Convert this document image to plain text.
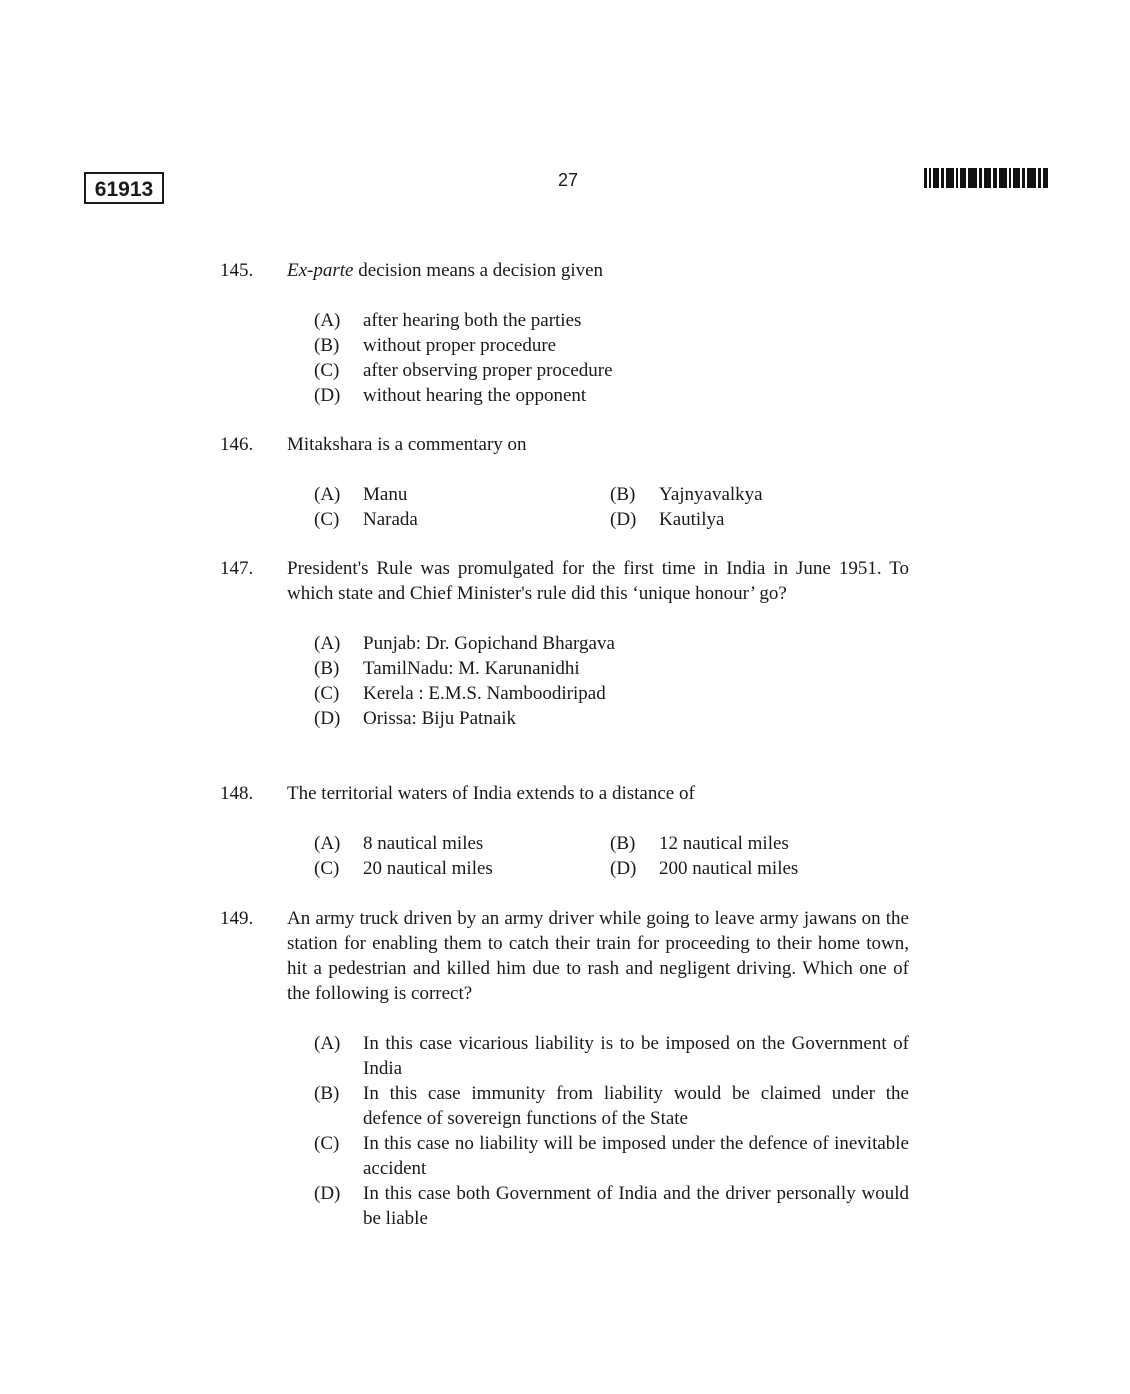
61913	27
145. Ex-parte decision means a decision given
(A) after hearing both the parties
(B) without proper procedure
(C) after observing proper procedure
(D) without hearing the opponent
146. Mitakshara is a commentary on
(A) Manu	(B) Yajnyavalkya
(C) Narada	(D) Kautilya
147. President's Rule was promulgated for the first time in India in June 1951. To which state and Chief Minister's rule did this ‘unique honour’ go?
(A) Punjab: Dr. Gopichand Bhargava
(B) TamilNadu: M. Karunanidhi
(C) Kerela : E.M.S. Namboodiripad
(D) Orissa: Biju Patnaik
148. The territorial waters of India extends to a distance of
(A) 8 nautical miles	(B) 12 nautical miles
(C) 20 nautical miles	(D) 200 nautical miles
149. An army truck driven by an army driver while going to leave army jawans on the station for enabling them to catch their train for proceeding to their home town, hit a pedestrian and killed him due to rash and negligent driving. Which one of the following is correct?
(A) In this case vicarious liability is to be imposed on the Government of India
(B) In this case immunity from liability would be claimed under the defence of sovereign functions of the State
(C) In this case no liability will be imposed under the defence of inevitable accident
(D) In this case both Government of India and the driver personally would be liable
